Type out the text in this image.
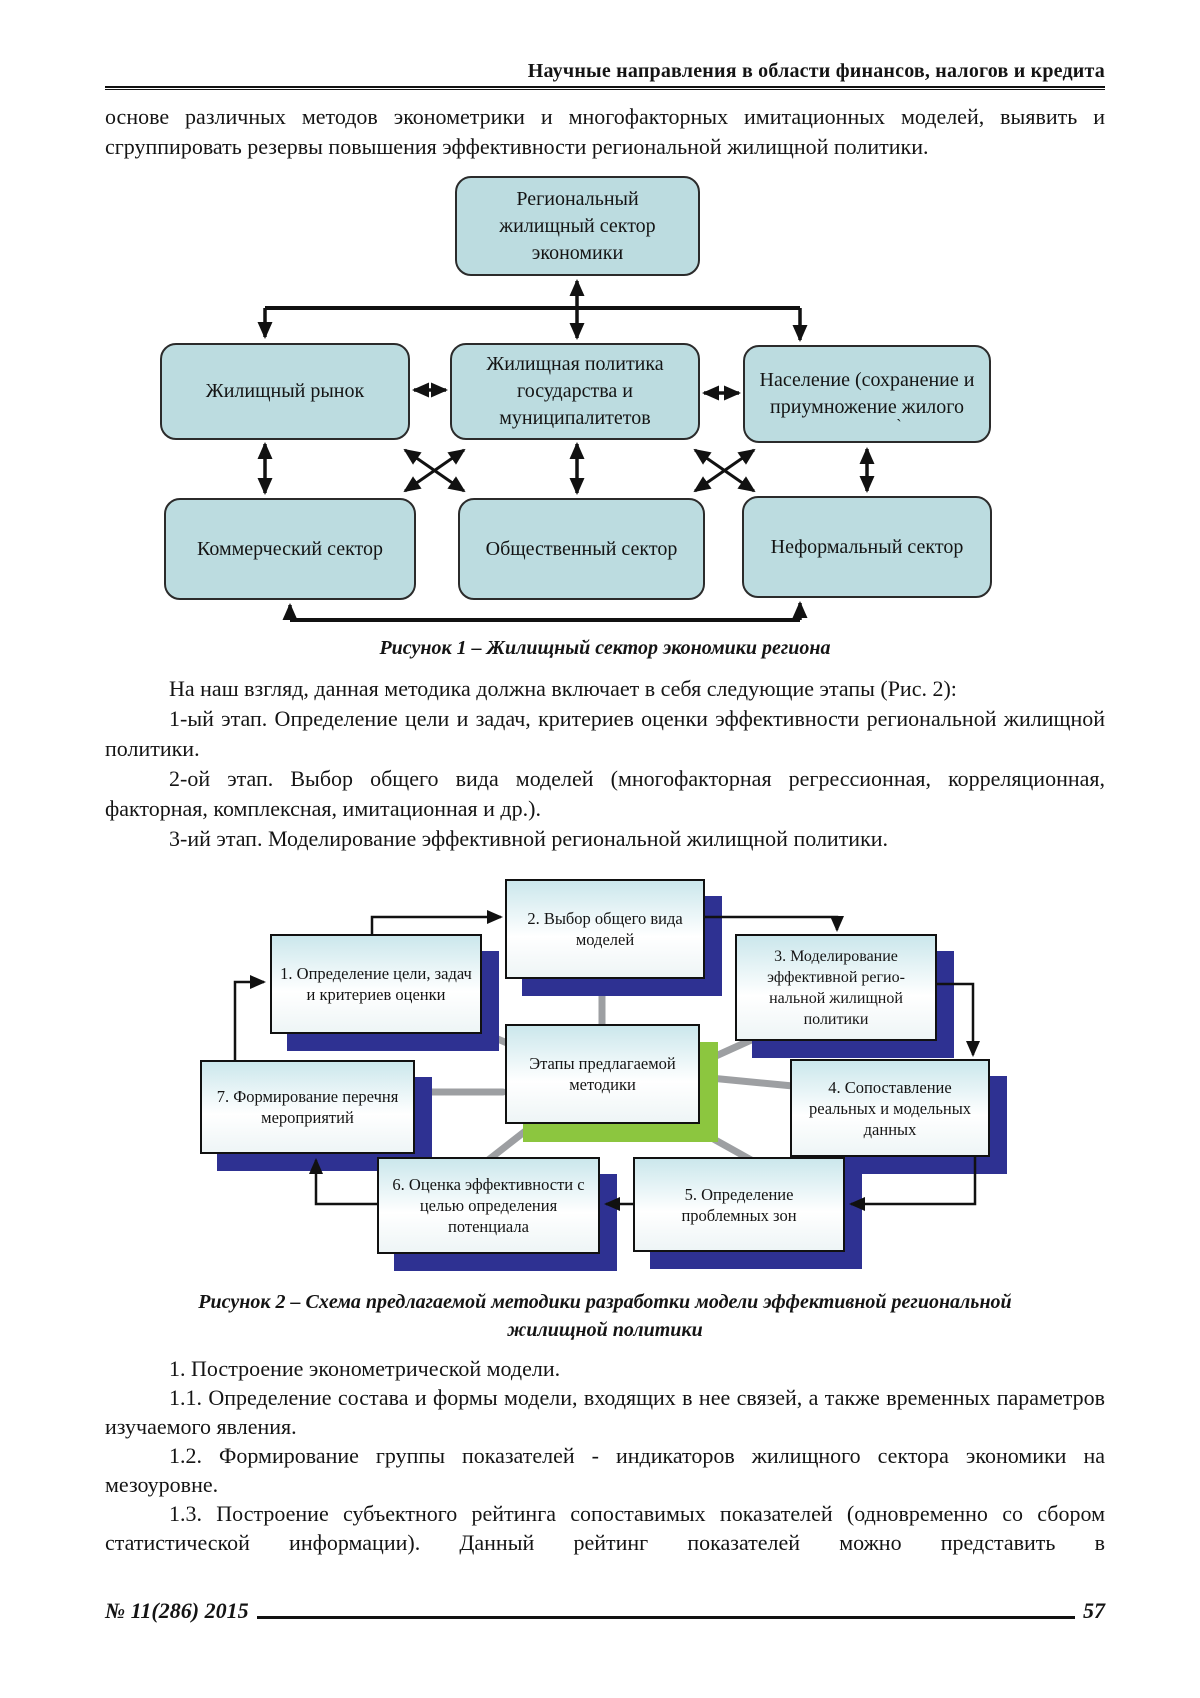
Научные направления в области финансов, налогов и кредита

основе различных методов эконометрики и многофакторных имитационных моделей, выявить и сгруппировать резервы повышения эффективности региональной жилищной политики.

Региональный жилищный сектор экономики
Жилищный рынок
Жилищная политика государства и муниципалитетов
Население (сохранение и приумножение жилого
`
Коммерческий сектор	Общественный сектор	Неформальный сектор
Рисунок 1 – Жилищный сектор экономики региона

На наш взгляд, данная методика должна включает в себя следующие этапы (Рис. 2):

1-ый этап. Определение цели и задач, критериев оценки эффективности региональной жилищной политики.

2-ой этап. Выбор общего вида моделей (многофакторная регрессионная, корреляционная, факторная, комплексная, имитационная и др.).

3-ий этап. Моделирование эффективной региональной жилищной политики.

1. Определение цели, задач и критериев оценки
2. Выбор общего вида моделей
3. Моделирование эффективной регио-нальной жилищной политики
Этапы предлагаемой методики	4. Сопоставление реальных и модельных данных
7. Формирование перечня мероприятий
6. Оценка эффективности с целью определения потенциала
5. Определение проблемных зон
Рисунок 2 – Схема предлагаемой методики разработки модели эффективной региональной жилищной политики

1. Построение эконометрической модели.

1.1. Определение состава и формы модели, входящих в нее связей, а также временных параметров изучаемого явления.

1.2. Формирование группы показателей - индикаторов жилищного сектора экономики на мезоуровне.

1.3. Построение субъектного рейтинга сопоставимых показателей (одновременно со сбором статистической информации). Данный рейтинг показателей можно представить в

№ 11(286) 2015	57
